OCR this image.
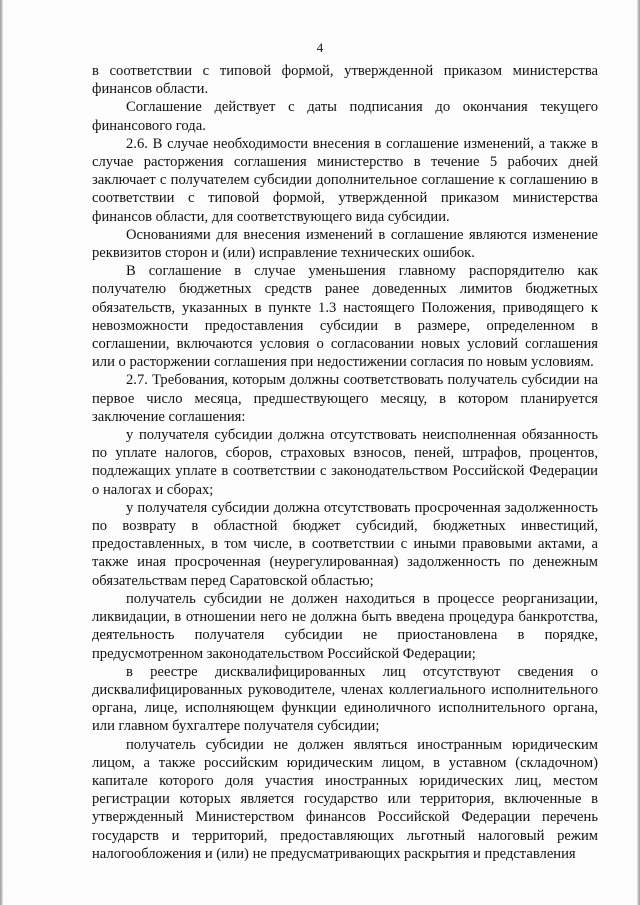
4

в соответствии с типовой формой, утвержденной приказом министерства финансов области.

Соглашение действует с даты подписания до окончания текущего финансового года.

2.6. В случае необходимости внесения в соглашение изменений, а также в случае расторжения соглашения министерство в течение 5 рабочих дней заключает с получателем субсидии дополнительное соглашение к соглашению в соответствии с типовой формой, утвержденной приказом министерства финансов области, для соответствующего вида субсидии.

Основаниями для внесения изменений в соглашение являются изменение реквизитов сторон и (или) исправление технических ошибок.

В соглашение в случае уменьшения главному распорядителю как получателю бюджетных средств ранее доведенных лимитов бюджетных обязательств, указанных в пункте 1.3 настоящего Положения, приводящего к невозможности предоставления субсидии в размере, определенном в соглашении, включаются условия о согласовании новых условий соглашения или о расторжении соглашения при недостижении согласия по новым условиям.

2.7. Требования, которым должны соответствовать получатель субсидии на первое число месяца, предшествующего месяцу, в котором планируется заключение соглашения:

у получателя субсидии должна отсутствовать неисполненная обязанность по уплате налогов, сборов, страховых взносов, пеней, штрафов, процентов, подлежащих уплате в соответствии с законодательством Российской Федерации о налогах и сборах;

у получателя субсидии должна отсутствовать просроченная задолженность по возврату в областной бюджет субсидий, бюджетных инвестиций, предоставленных, в том числе, в соответствии с иными правовыми актами, а также иная просроченная (неурегулированная) задолженность по денежным обязательствам перед Саратовской областью;

получатель субсидии не должен находиться в процессе реорганизации, ликвидации, в отношении него не должна быть введена процедура банкротства, деятельность получателя субсидии не приостановлена в порядке, предусмотренном законодательством Российской Федерации;

в реестре дисквалифицированных лиц отсутствуют сведения о дисквалифицированных руководителе, членах коллегиального исполнительного органа, лице, исполняющем функции единоличного исполнительного органа, или главном бухгалтере получателя субсидии;

получатель субсидии не должен являться иностранным юридическим лицом, а также российским юридическим лицом, в уставном (складочном) капитале которого доля участия иностранных юридических лиц, местом регистрации которых является государство или территория, включенные в утвержденный Министерством финансов Российской Федерации перечень государств и территорий, предоставляющих льготный налоговый режим налогообложения и (или) не предусматривающих раскрытия и представления
